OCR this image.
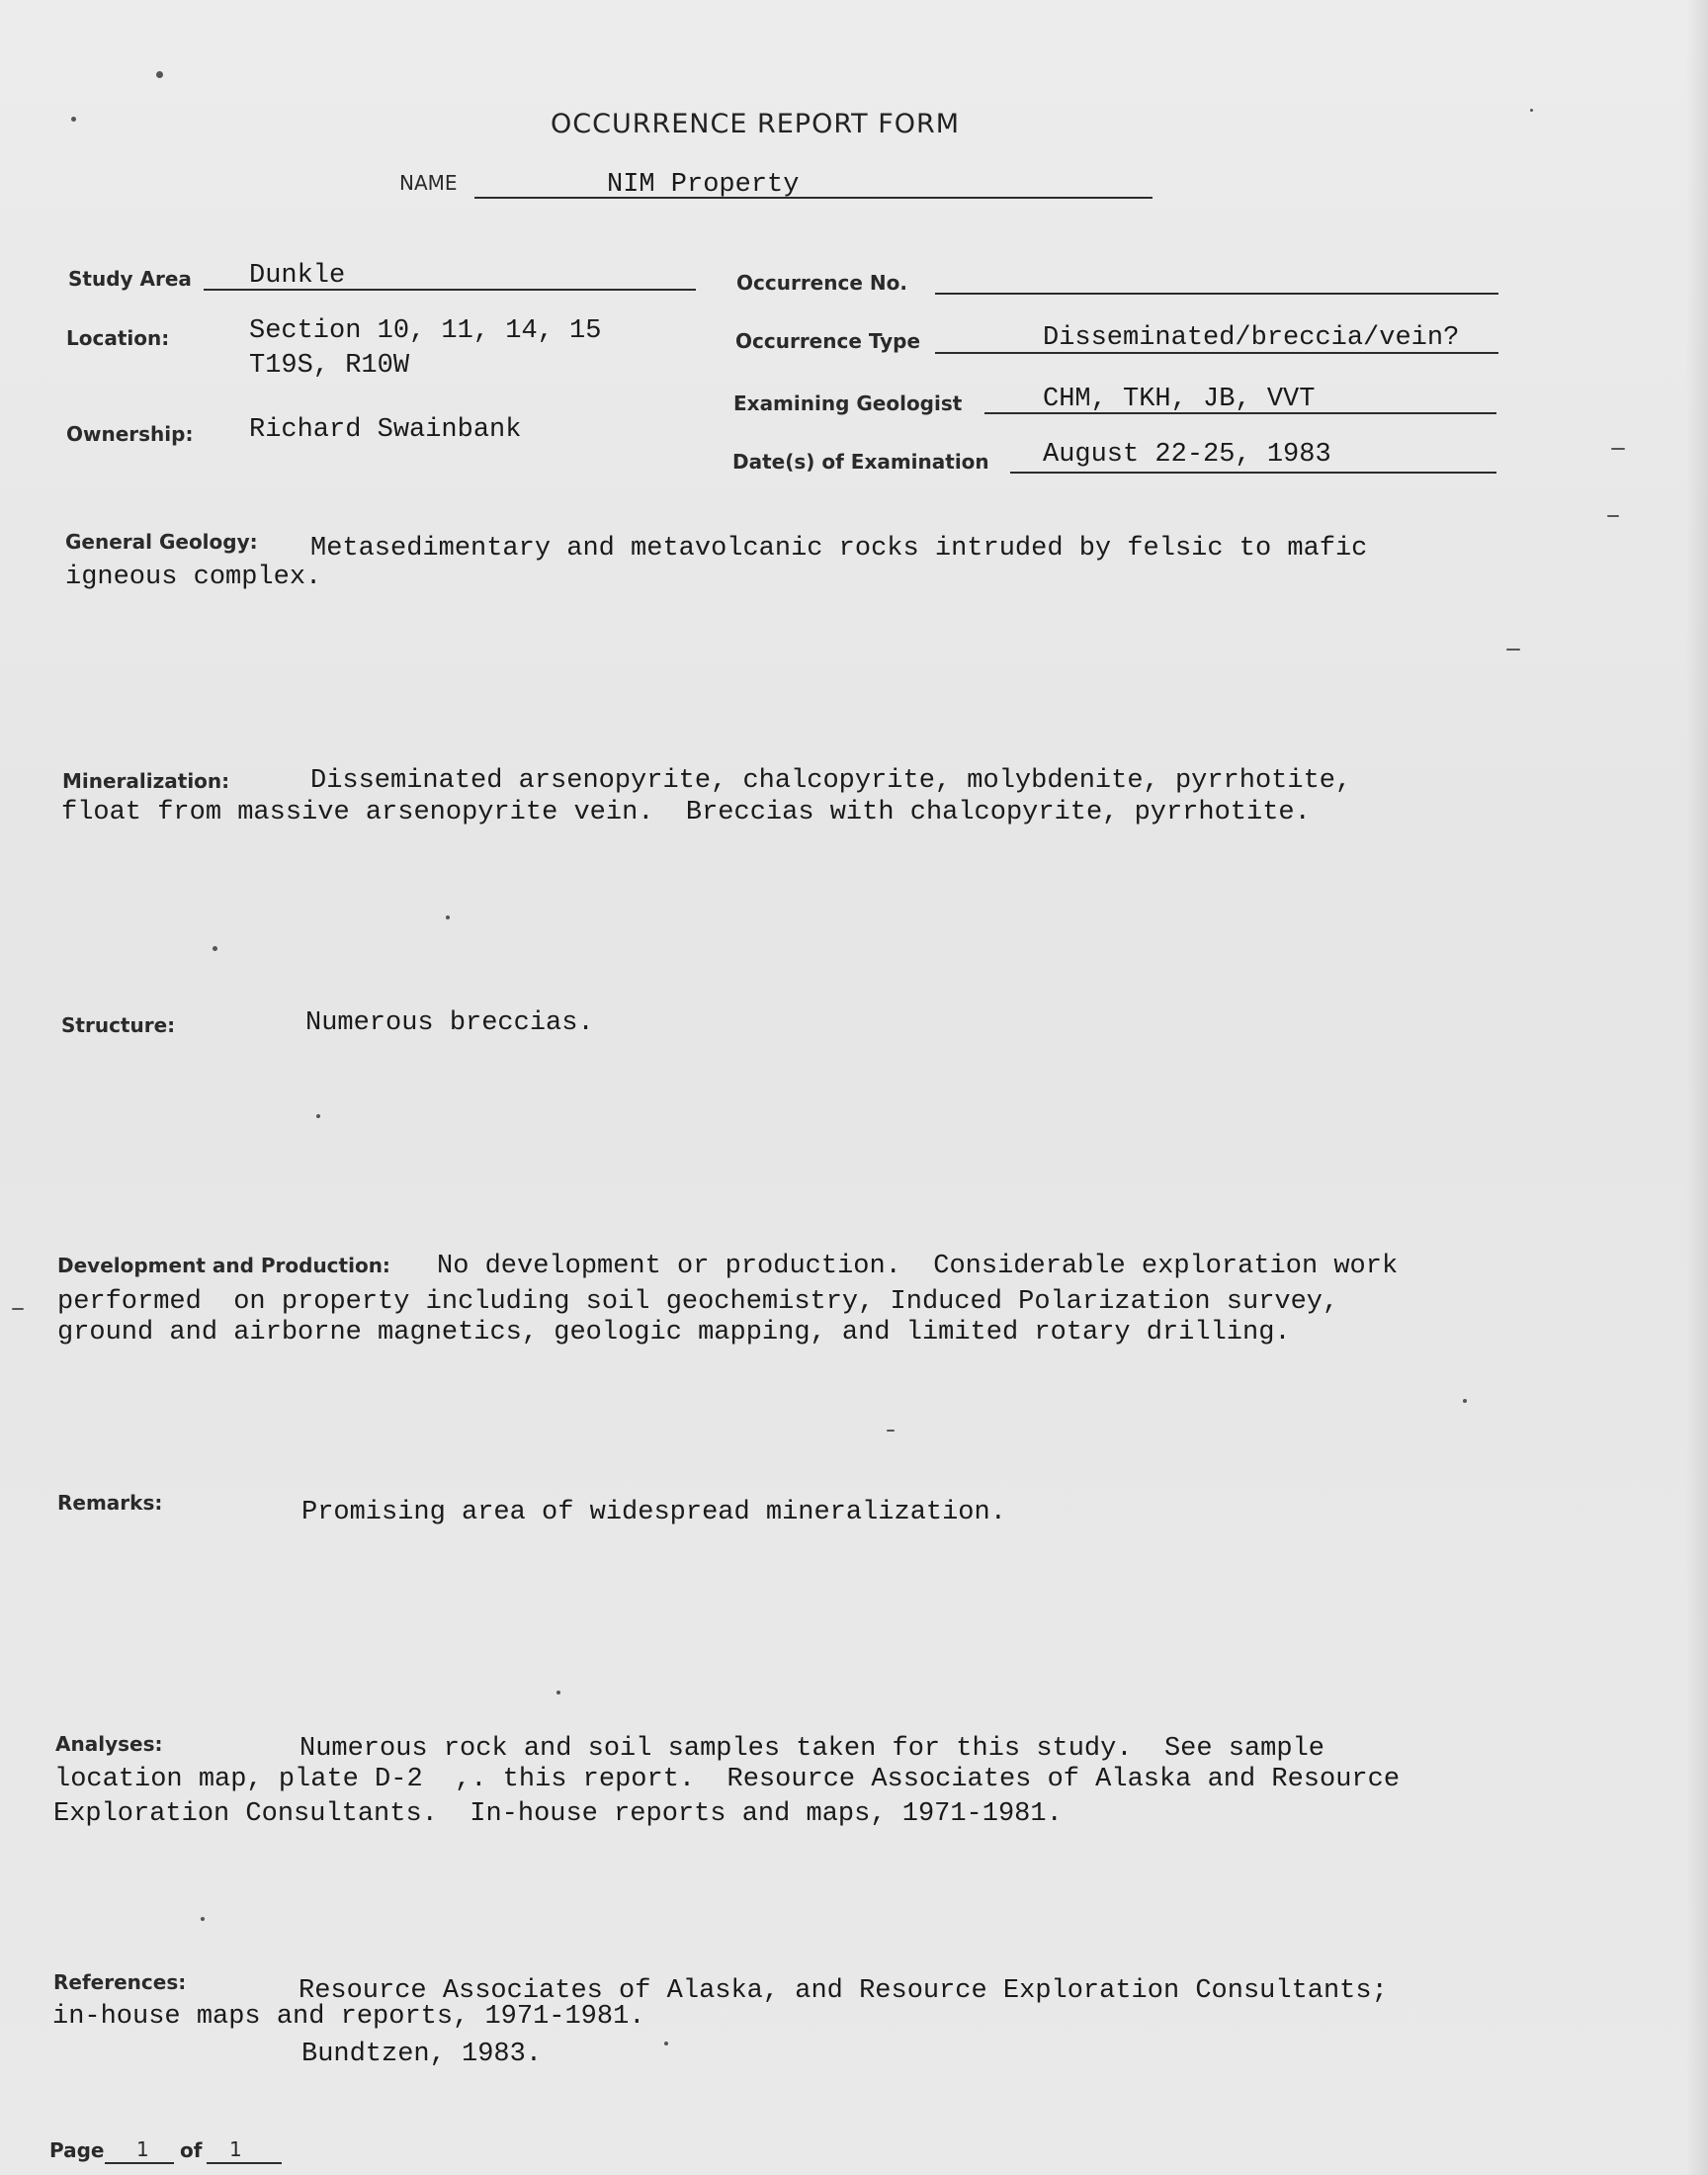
OCCURRENCE REPORT FORM
NAME	NIM Property
Study Area Dunkle
Location:	Section 10, 11, 14, 15
T19S, R10W
Ownership: Richard Swainbank
Occurrence No.
Occurrence Type	Disseminated/breccia/vein?
Examining Geologist	CHM, TKH, JB, VVT
Date(s) of Examination August 22-25, 1983
General Geology: Metasedimentary and metavolcanic rocks intruded by felsic to mafic
igneous complex.
Mineralization:	Disseminated arsenopyrite, chalcopyrite, molybdenite, pyrrhotite,
float from massive arsenopyrite vein.  Breccias with chalcopyrite, pyrrhotite.
Structure:	Numerous breccias.
Development and Production: No development or production.  Considerable exploration work
performed  on property including soil geochemistry, Induced Polarization survey,
ground and airborne magnetics, geologic mapping, and limited rotary drilling.
Remarks:	Promising area of widespread mineralization.
Analyses:	Numerous rock and soil samples taken for this study.  See sample
location map, plate D-2  ,. this report.  Resource Associates of Alaska and Resource
Exploration Consultants.  In-house reports and maps, 1971-1981.
References:	Resource Associates of Alaska, and Resource Exploration Consultants;
in-house maps and reports, 1971-1981.
Bundtzen, 1983.
Page 1 of 1
